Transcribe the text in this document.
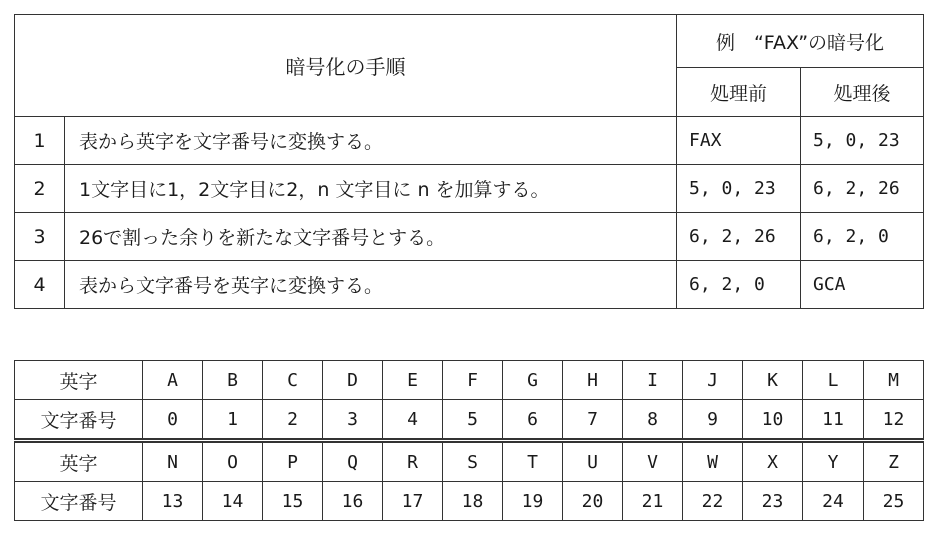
暗号化の手順		例　“FAX”の暗号化	
		処理前	処理後
1	表から英字を文字番号に変換する。	FAX	5, 0, 23
2	1文字目に1，2文字目に2，n 文字目に n を加算する。	5, 0, 23	6, 2, 26
3	26で割った余りを新たな文字番号とする。	6, 2, 26	6, 2, 0
4	表から文字番号を英字に変換する。	6, 2, 0	GCA
英字	A	B	C	D	E	F	G	H	I	J	K	L	M
文字番号	0	1	2	3	4	5	6	7	8	9	10	11	12
英字	N	O	P	Q	R	S	T	U	V	W	X	Y	Z
文字番号	13	14	15	16	17	18	19	20	21	22	23	24	25
